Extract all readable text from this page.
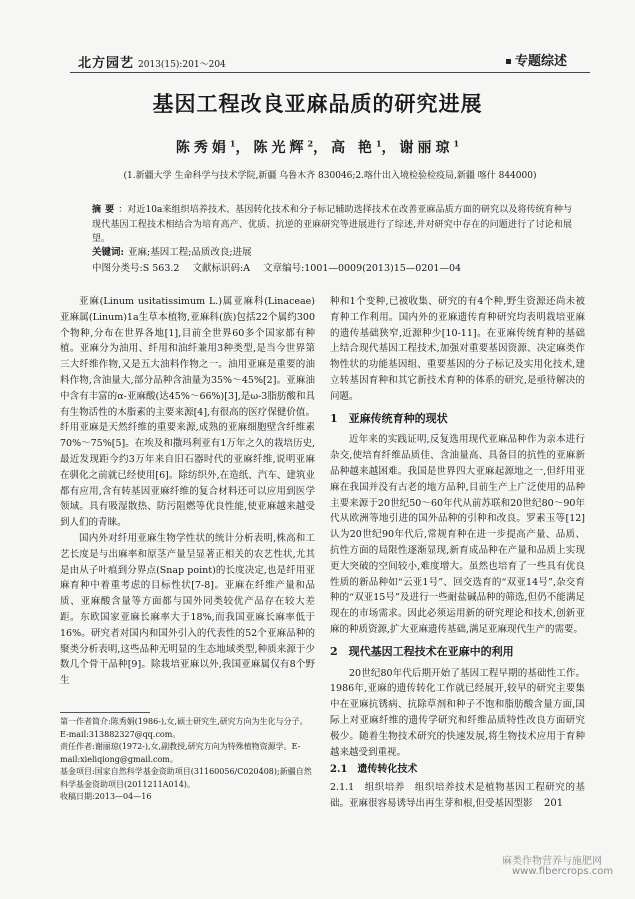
北方园艺 2013(15):201～204	专题综述
基因工程改良亚麻品质的研究进展
陈秀娟$^1$，陈光辉$^2$，高 艳$^1$，谢丽琼$^1$
(1.新疆大学 生命科学与技术学院,新疆 乌鲁木齐 830046;2.喀什出入境检验检疫局,新疆 喀什 844000)
摘要：对近10a来组织培养技术、基因转化技术和分子标记辅助选择技术在改善亚麻品质方面的研究以及将传统育种与现代基因工程技术相结合为培育高产、优质、抗逆的亚麻研究等进展进行了综述,并对研究中存在的问题进行了讨论和展望。
关键词: 亚麻;基因工程;品质改良;进展
中图分类号:S 563.2 文献标识码:A 文章编号:1001—0009(2013)15—0201—04

亚麻(Linum usitatissimum L.)属亚麻科(Linaceae)亚麻属(Linum)1a生草本植物,亚麻科(族)包括22个属约300个物种,分布在世界各地[1],目前全世界60多个国家都有种植。亚麻分为油用、纤用和油纤兼用3种类型,是当今世界第三大纤维作物,又是五大油料作物之一。油用亚麻是重要的油料作物,含油量大,部分品种含油量为35%～45%[2]。亚麻油中含有丰富的α-亚麻酸(达45%～66%)[3],是ω-3脂肪酸和具有生物活性的木脂素的主要来源[4],有很高的医疗保健价值。纤用亚麻是天然纤维的重要来源,成熟的亚麻细胞壁含纤维素70%～75%[5]。在埃及和撒玛利亚有1万年之久的栽培历史,最近发现距今约3万年来自旧石器时代的亚麻纤维,说明亚麻在驯化之前就已经使用[6]。除纺织外,在造纸、汽车、建筑业都有应用,含有转基因亚麻纤维的复合材料还可以应用到医学领域。具有吸湿散热、防污阻燃等优良性能,使亚麻越来越受到人们的青睐。

国内外对纤用亚麻生物学性状的统计分析表明,株高和工艺长度是与出麻率和原茎产量呈显著正相关的农艺性状,尤其是由从子叶痕到分界点(Snap point)的长度决定,也是纤用亚麻育种中着重考虑的目标性状[7-8]。亚麻在纤维产量和品质、亚麻酸含量等方面都与国外同类较优产品存在较大差距。东欧国家亚麻长麻率大于18%,而我国亚麻长麻率低于16%。研究者对国内和国外引入的代表性的52个亚麻品种的聚类分析表明,这些品种无明显的生态地域类型,种质来源于少数几个骨干品种[9]。除栽培亚麻以外,我国亚麻属仅有8个野生

种和1个变种,已被收集、研究的有4个种,野生资源还尚未被育种工作利用。国内外的亚麻遗传育种研究均表明栽培亚麻的遗传基础狭窄,近源种少[10-11]。在亚麻传统育种的基础上结合现代基因工程技术,加强对重要基因资源、决定麻类作物性状的功能基因组、重要基因的分子标记及实用化技术,建立转基因育种和其它新技术育种的体系的研究,是亟待解决的问题。

1　亚麻传统育种的现状

近年来的实践证明,反复选用现代亚麻品种作为亲本进行杂交,使培育纤维品质佳、含油量高、具备目的抗性的亚麻新品种越来越困难。我国是世界四大亚麻起源地之一,但纤用亚麻在我国并没有古老的地方品种,目前生产上广泛使用的品种主要来源于20世纪50～60年代从前苏联和20世纪80～90年代从欧洲等地引进的国外品种的引种和改良。罗素玉等[12]认为20世纪90年代后,常规育种在进一步提高产量、品质、抗性方面的局限性逐渐显现,新育成品种在产量和品质上实现更大突破的空间较小,难度增大。虽然也培育了一些具有优良性质的新品种如“云亚1号”、回交选育的“双亚14号”,杂交育种的“双亚15号”及进行一些耐盐碱品种的筛选,但仍不能满足现在的市场需求。因此必须运用新的研究理论和技术,创新亚麻的种质资源,扩大亚麻遗传基础,满足亚麻现代生产的需要。

2　现代基因工程技术在亚麻中的利用

20世纪80年代后期开始了基因工程早期的基础性工作。1986年,亚麻的遗传转化工作就已经展开,较早的研究主要集中在亚麻抗锈病、抗除草剂和种子不饱和脂肪酸含量方面,国际上对亚麻纤维的遗传学研究和纤维品质特性改良方面研究极少。随着生物技术研究的快速发展,将生物技术应用于育种越来越受到重视。

2.1　遗传转化技术

2.1.1　组织培养　组织培养技术是植物基因工程研究的基础。亚麻很容易诱导出再生芽和根,但受基因型影

第一作者简介:陈秀娟(1986-),女,硕士研究生,研究方向为生化与分子。E-mail:313882327@qq.com。

责任作者:谢丽琼(1972-),女,副教授,研究方向为特殊植物资源学。E-mail:xieliqiong@gmail.com。

基金项目:国家自然科学基金资助项目(31160056/C020408);新疆自然科学基金资助项目(2011211A014)。

收稿日期:2013—04—16

201
麻类作物营养与施肥网
www.fibercrops.com
